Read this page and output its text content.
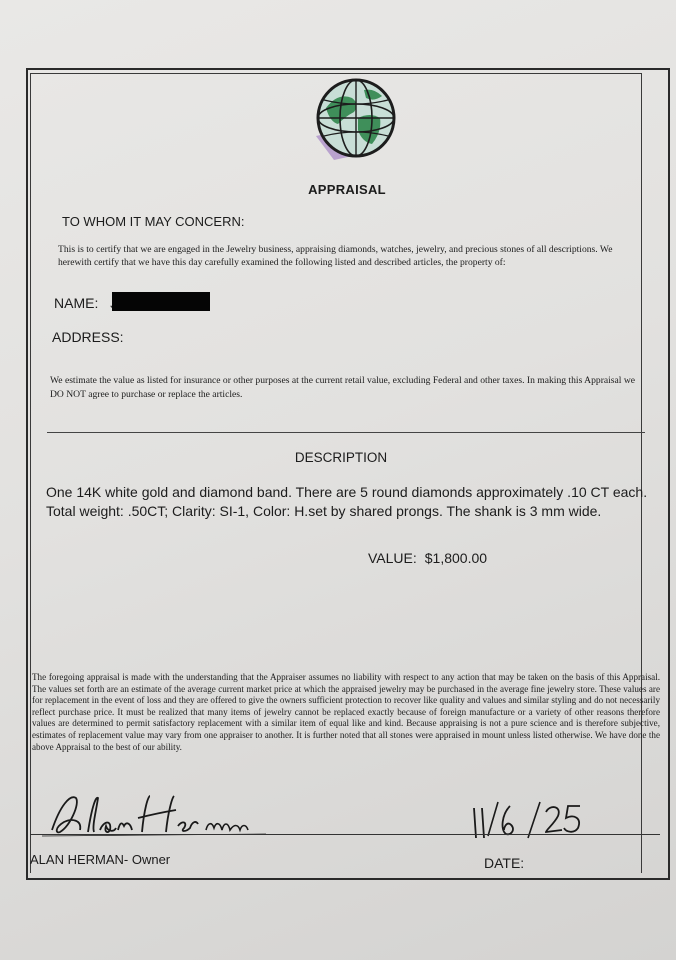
APPRAISAL
TO WHOM IT MAY CONCERN:
This is to certify that we are engaged in the Jewelry business, appraising diamonds, watches, jewelry, and precious stones of all descriptions. We herewith certify that we have this day carefully examined the following listed and described articles, the property of:
NAME:
ADDRESS:
We estimate the value as listed for insurance or other purposes at the current retail value, excluding Federal and other taxes. In making this Appraisal we DO NOT agree to purchase or replace the articles.
DESCRIPTION
One 14K white gold and diamond band. There are 5 round diamonds approximately .10 CT each. Total weight: .50CT; Clarity: SI-1, Color: H.set by shared prongs. The shank is 3 mm wide.
VALUE: $1,800.00
The foregoing appraisal is made with the understanding that the Appraiser assumes no liability with respect to any action that may be taken on the basis of this Appraisal. The values set forth are an estimate of the average current market price at which the appraised jewelry may be purchased in the average fine jewelry store. These values are for replacement in the event of loss and they are offered to give the owners sufficient protection to recover like quality and values and similar styling and do not necessarily reflect purchase price. It must be realized that many items of jewelry cannot be replaced exactly because of foreign manufacture or a variety of other reasons therefore values are determined to permit satisfactory replacement with a similar item of equal like and kind. Because appraising is not a pure science and is therefore subjective, estimates of replacement value may vary from one appraiser to another. It is further noted that all stones were appraised in mount unless listed otherwise. We have done the above Appraisal to the best of our ability.
ALAN HERMAN- Owner	DATE:
